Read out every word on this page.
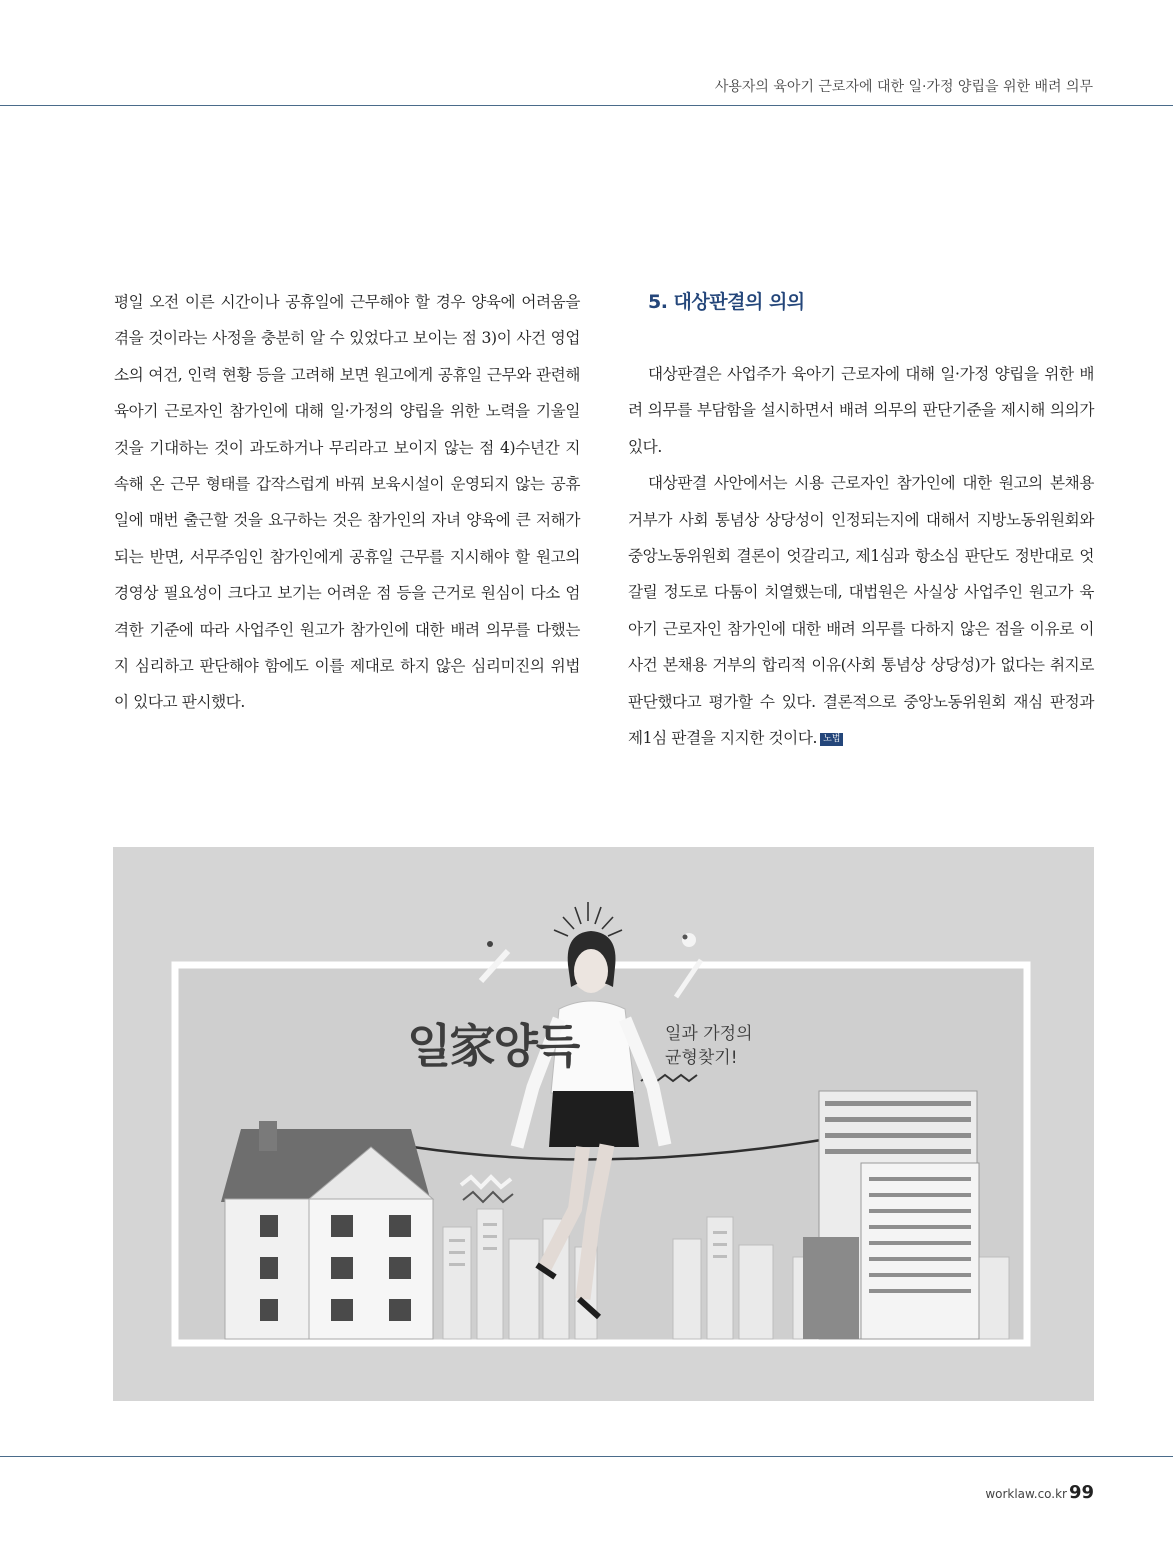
사용자의 육아기 근로자에 대한 일·가정 양립을 위한 배려 의무

평일 오전 이른 시간이나 공휴일에 근무해야 할 경우 양육에 어려움을 겪을 것이라는 사정을 충분히 알 수 있었다고 보이는 점 3)이 사건 영업소의 여건, 인력 현황 등을 고려해 보면 원고에게 공휴일 근무와 관련해 육아기 근로자인 참가인에 대해 일·가정의 양립을 위한 노력을 기울일 것을 기대하는 것이 과도하거나 무리라고 보이지 않는 점 4)수년간 지속해 온 근무 형태를 갑작스럽게 바꿔 보육시설이 운영되지 않는 공휴일에 매번 출근할 것을 요구하는 것은 참가인의 자녀 양육에 큰 저해가 되는 반면, 서무주임인 참가인에게 공휴일 근무를 지시해야 할 원고의 경영상 필요성이 크다고 보기는 어려운 점 등을 근거로 원심이 다소 엄격한 기준에 따라 사업주인 원고가 참가인에 대한 배려 의무를 다했는지 심리하고 판단해야 함에도 이를 제대로 하지 않은 심리미진의 위법이 있다고 판시했다.

5. 대상판결의 의의

대상판결은 사업주가 육아기 근로자에 대해 일·가정 양립을 위한 배려 의무를 부담함을 설시하면서 배려 의무의 판단기준을 제시해 의의가 있다.

대상판결 사안에서는 시용 근로자인 참가인에 대한 원고의 본채용 거부가 사회 통념상 상당성이 인정되는지에 대해서 지방노동위원회와 중앙노동위원회 결론이 엇갈리고, 제1심과 항소심 판단도 정반대로 엇갈릴 정도로 다툼이 치열했는데, 대법원은 사실상 사업주인 원고가 육아기 근로자인 참가인에 대한 배려 의무를 다하지 않은 점을 이유로 이 사건 본채용 거부의 합리적 이유(사회 통념상 상당성)가 없다는 취지로 판단했다고 평가할 수 있다. 결론적으로 중앙노동위원회 재심 판정과 제1심 판결을 지지한 것이다. 노법

일家양득	일과 가정의
균형찾기!
worklaw.co.kr 99
